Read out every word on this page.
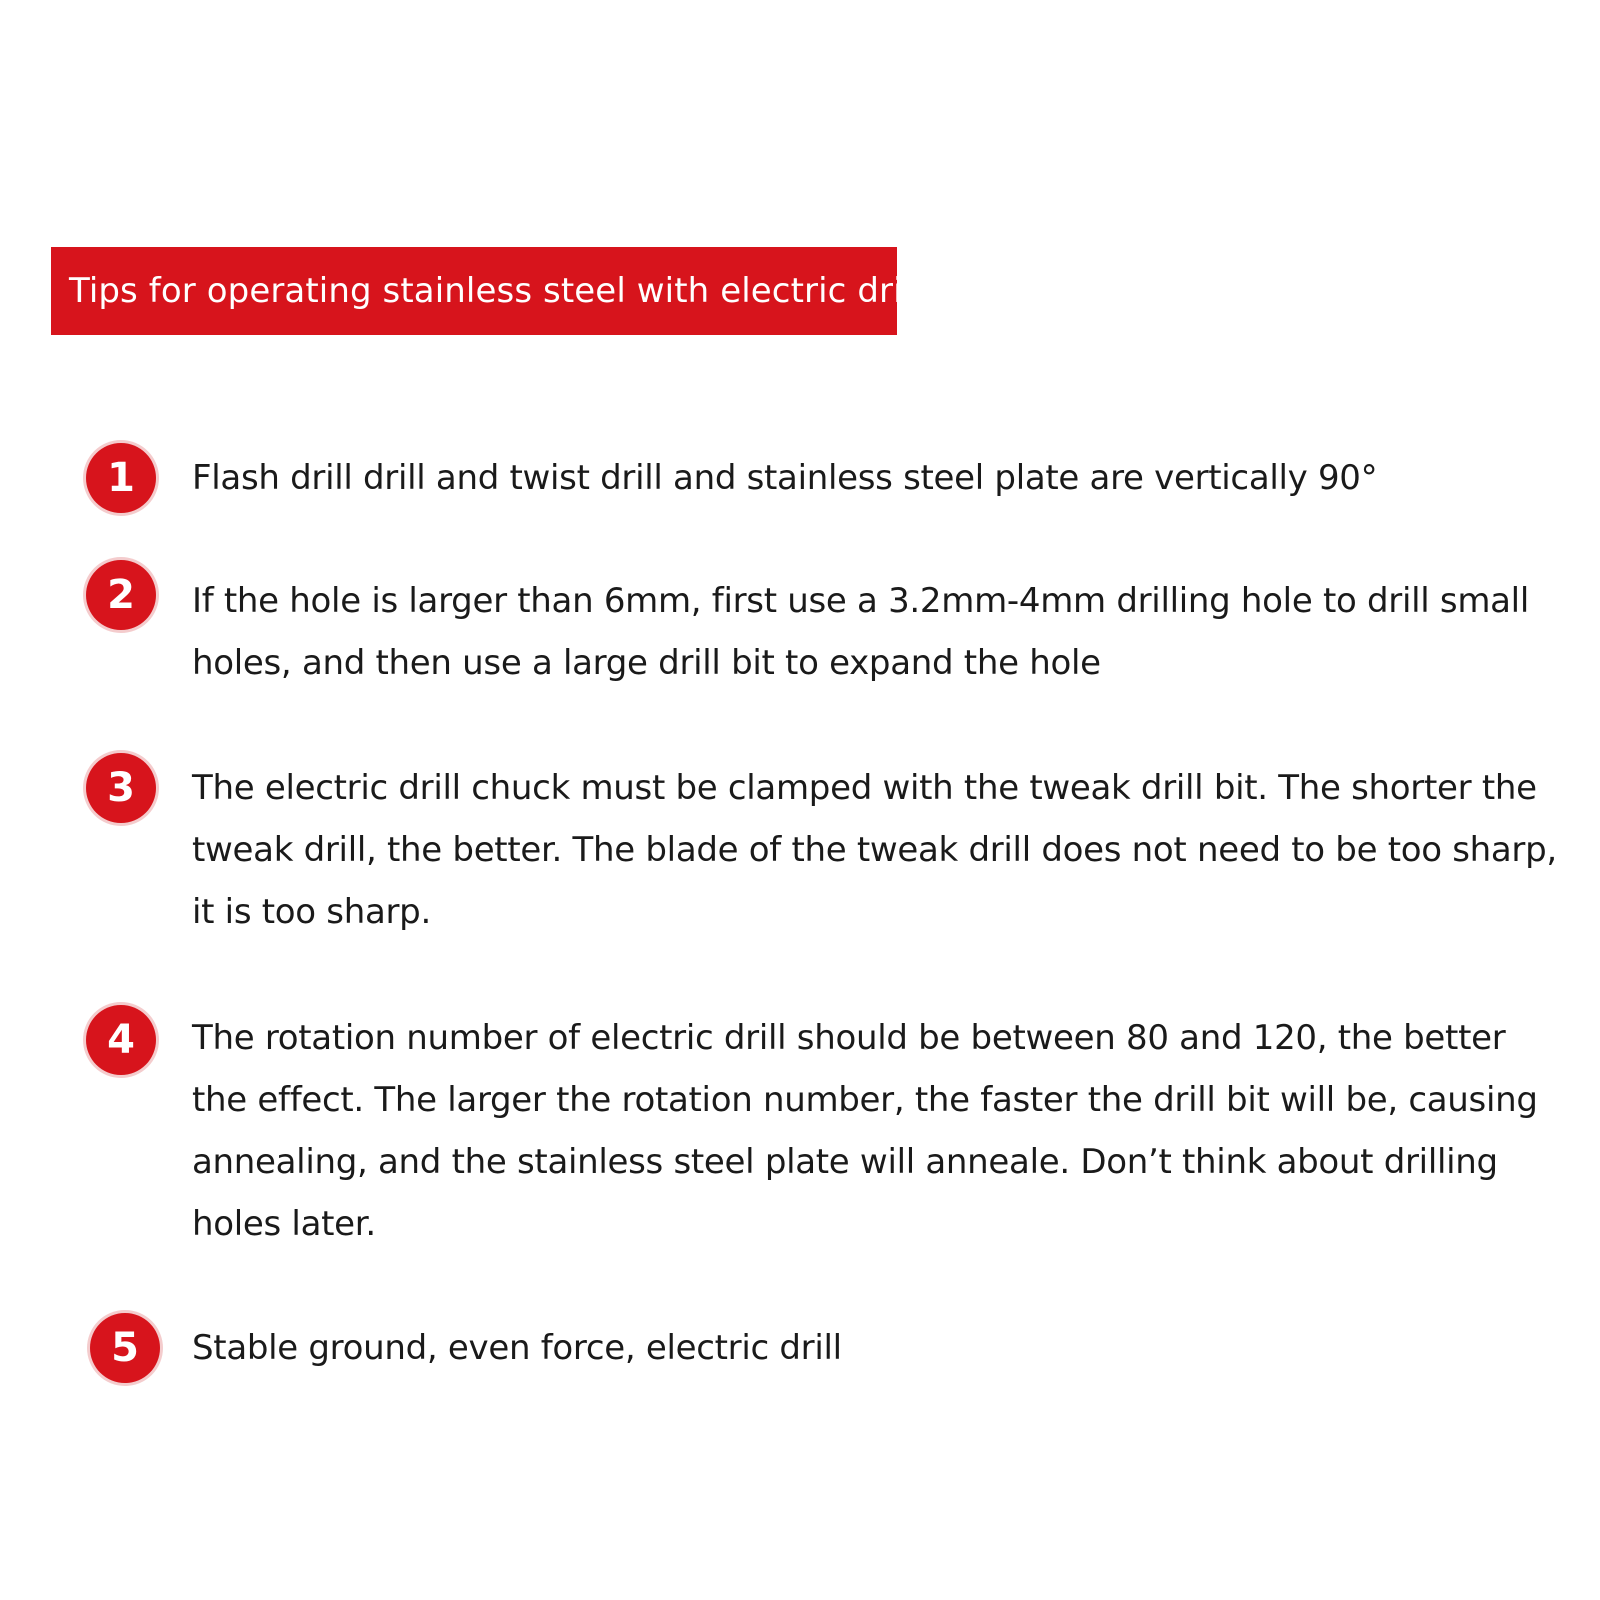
Tips for operating stainless steel with electric drill
1 Flash drill drill and twist drill and stainless steel plate are vertically 90°
2 If the hole is larger than 6mm, first use a 3.2mm-4mm drilling hole to drill small holes, and then use a large drill bit to expand the hole
3 The electric drill chuck must be clamped with the tweak drill bit. The shorter the tweak drill, the better. The blade of the tweak drill does not need to be too sharp, it is too sharp.
4 The rotation number of electric drill should be between 80 and 120, the better the effect. The larger the rotation number, the faster the drill bit will be, causing annealing, and the stainless steel plate will anneale. Don’t think about drilling holes later.
5 Stable ground, even force, electric drill
